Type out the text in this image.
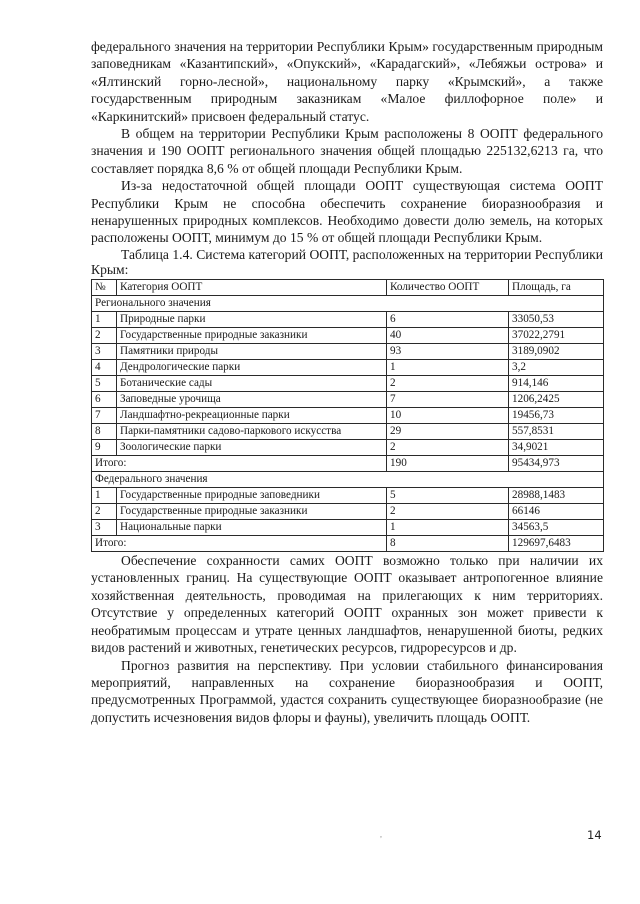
федерального значения на территории Республики Крым» государственным природным заповедникам «Казантипский», «Опукский», «Карадагский», «Лебяжьи острова» и «Ялтинский горно-лесной», национальному парку «Крымский», а также государственным природным заказникам «Малое филлофорное поле» и «Каркинитский» присвоен федеральный статус.

В общем на территории Республики Крым расположены 8 ООПТ федерального значения и 190 ООПТ регионального значения общей площадью 225132,6213 га, что составляет порядка 8,6 % от общей площади Республики Крым.

Из-за недостаточной общей площади ООПТ существующая система ООПТ Республики Крым не способна обеспечить сохранение биоразнообразия и ненарушенных природных комплексов. Необходимо довести долю земель, на которых расположены ООПТ, минимум до 15 % от общей площади Республики Крым.

Таблица 1.4. Система категорий ООПТ, расположенных на территории Республики Крым:

№	Категория ООПТ	Количество ООПТ	Площадь, га
Регионального значения			
1	Природные парки	6	33050,53
2	Государственные природные заказники	40	37022,2791
3	Памятники природы	93	3189,0902
4	Дендрологические парки	1	3,2
5	Ботанические сады	2	914,146
6	Заповедные урочища	7	1206,2425
7	Ландшафтно-рекреационные парки	10	19456,73
8	Парки-памятники садово-паркового искусства	29	557,8531
9	Зоологические парки	2	34,9021
Итого:		190	95434,973
Федерального значения			
1	Государственные природные заповедники	5	28988,1483
2	Государственные природные заказники	2	66146
3	Национальные парки	1	34563,5
Итого:		8	129697,6483

Обеспечение сохранности самих ООПТ возможно только при наличии их установленных границ. На существующие ООПТ оказывает антропогенное влияние хозяйственная деятельность, проводимая на прилегающих к ним территориях. Отсутствие у определенных категорий ООПТ охранных зон может привести к необратимым процессам и утрате ценных ландшафтов, ненарушенной биоты, редких видов растений и животных, генетических ресурсов, гидроресурсов и др.

Прогноз развития на перспективу. При условии стабильного финансирования мероприятий, направленных на сохранение биоразнообразия и ООПТ, предусмотренных Программой, удастся сохранить существующее биоразнообразие (не допустить исчезновения видов флоры и фауны), увеличить площадь ООПТ.

,	14
